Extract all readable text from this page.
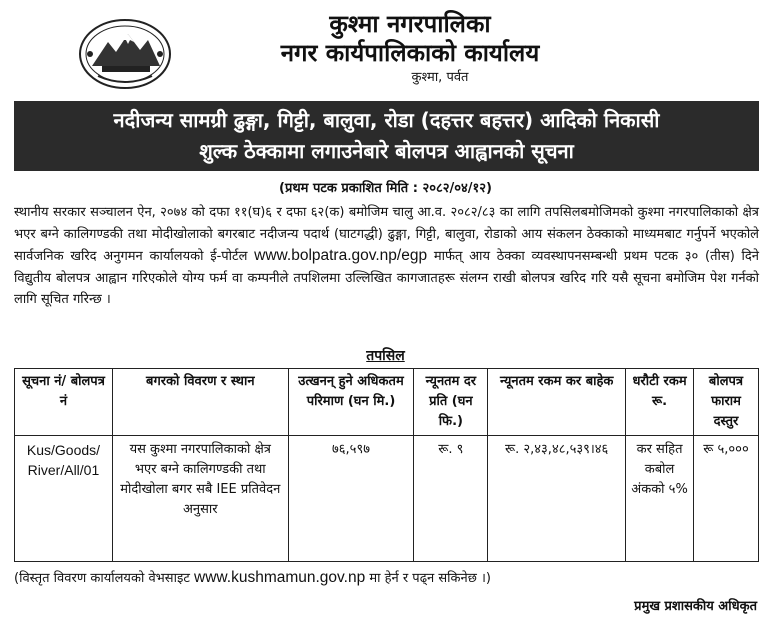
कुश्मा नगरपालिका
नगर कार्यपालिकाको कार्यालय
कुश्मा, पर्वत
नदीजन्य सामग्री ढुङ्गा, गिट्टी, बालुवा, रोडा (दहत्तर बहत्तर) आदिको निकासी
शुल्क ठेक्कामा लगाउनेबारे बोलपत्र आह्वानको सूचना
(प्रथम पटक प्रकाशित मिति : २०८२/०४/१२)
स्थानीय सरकार सञ्चालन ऐन, २०७४ को दफा ११(घ)६ र दफा ६२(क) बमोजिम चालु आ.व. २०८२/८३ का लागि तपसिलबमोजिमको कुश्मा नगरपालिकाको क्षेत्र भएर बग्ने कालिगण्डकी तथा मोदीखोलाको बगरबाट नदीजन्य पदार्थ (घाटगद्धी) ढुङ्गा, गिट्टी, बालुवा, रोडाको आय संकलन ठेक्काको माध्यमबाट गर्नुपर्ने भएकोले सार्वजनिक खरिद अनुगमन कार्यालयको ई-पोर्टल www.bolpatra.gov.np/egp मार्फत् आय ठेक्का व्यवस्थापनसम्बन्धी प्रथम पटक ३० (तीस) दिने विद्युतीय बोलपत्र आह्वान गरिएकोले योग्य फर्म वा कम्पनीले तपशिलमा उल्लिखित कागजातहरू संलग्न राखी बोलपत्र खरिद गरि यसै सूचना बमोजिम पेश गर्नको लागि सूचित गरिन्छ ।
तपसिल
सूचना नं/ बोलपत्र नं	बगरको विवरण र स्थान	उत्खनन् हुने अधिकतम परिमाण (घन मि.)	न्यूनतम दर प्रति (घन फि.)	न्यूनतम रकम कर बाहेक	धरौटी रकम रू.	बोलपत्र फाराम दस्तुर
Kus/Goods/ River/All/01	यस कुश्मा नगरपालिकाको क्षेत्र भएर बग्ने कालिगण्डकी तथा मोदीखोला बगर सबै IEE प्रतिवेदन अनुसार	७६,५९७	रू. ९	रू. २,४३,४८,५३९।४६	कर सहित कबोल अंकको ५%	रू ५,०००
(विस्तृत विवरण कार्यालयको वेभसाइट www.kushmamun.gov.np मा हेर्न र पढ्न सकिनेछ ।)
प्रमुख प्रशासकीय अधिकृत
